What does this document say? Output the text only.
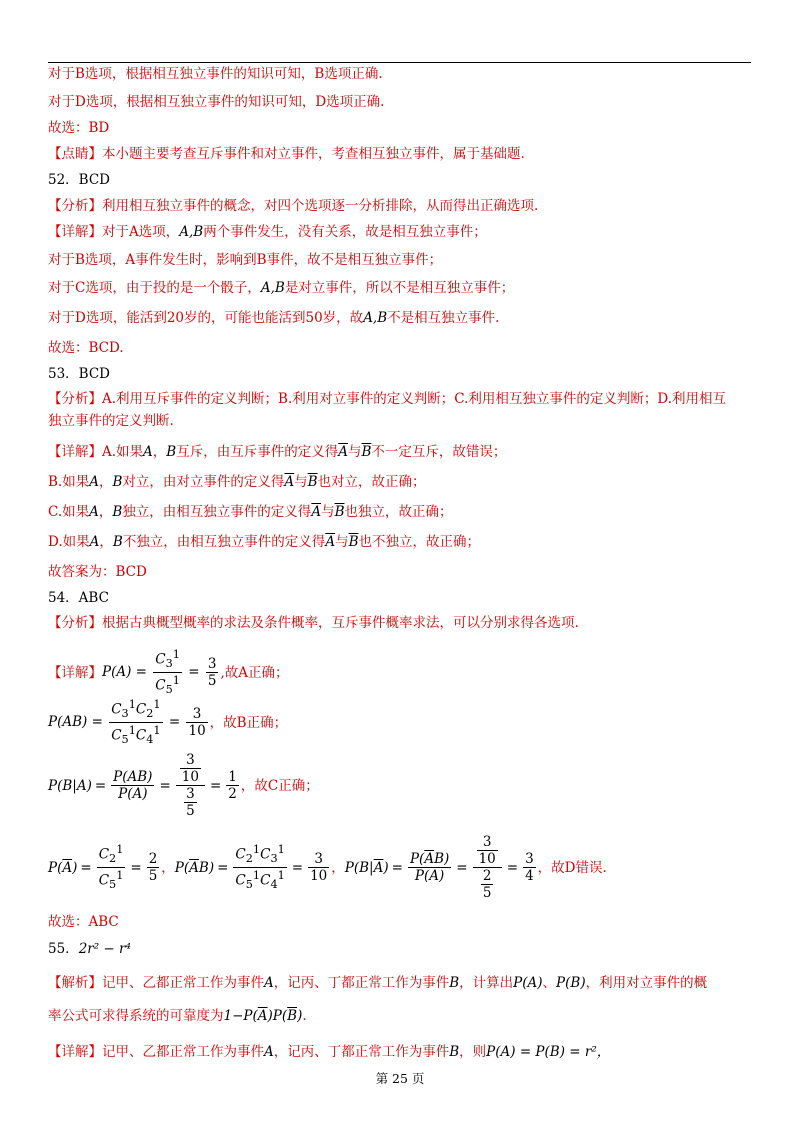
对于B选项，根据相互独立事件的知识可知，B选项正确.
对于D选项，根据相互独立事件的知识可知，D选项正确.
故选：BD
【点睛】本小题主要考查互斥事件和对立事件，考查相互独立事件，属于基础题.
52．BCD
【分析】利用相互独立事件的概念，对四个选项逐一分析排除，从而得出正确选项.
【详解】对于A选项，A,B两个事件发生，没有关系，故是相互独立事件；
对于B选项，A事件发生时，影响到B事件，故不是相互独立事件；
对于C选项，由于投的是一个骰子，A,B是对立事件，所以不是相互独立事件；
对于D选项，能活到20岁的，可能也能活到50岁，故A,B不是相互独立事件.
故选：BCD.
53．BCD
【分析】A.利用互斥事件的定义判断；B.利用对立事件的定义判断；C.利用相互独立事件的定义判断；D.利用相互
独立事件的定义判断.
【详解】A.如果A，B互斥，由互斥事件的定义得$\overline{A}$与$\overline{B}$不一定互斥，故错误；
B.如果A，B对立，由对立事件的定义得$\overline{A}$与$\overline{B}$也对立，故正确；
C.如果A，B独立，由相互独立事件的定义得$\overline{A}$与$\overline{B}$也独立，故正确；
D.如果A，B不独立，由相互独立事件的定义得$\overline{A}$与$\overline{B}$也不独立，故正确；
故答案为：BCD
54．ABC
【分析】根据古典概型概率的求法及条件概率，互斥事件概率求法，可以分别求得各选项.
【详解】 $P(A) = \frac{C_3^1}{C_5^1} = \frac{3}{5}$ ,故A正确；
$P(AB) = \frac{C_3^1C_2^1}{C_5^1C_4^1} = \frac{3}{10}$ ，故B正确；
$P(B|A) = \frac{P(AB)}{P(A)} = \frac{\frac{3}{10}}{\frac{3}{5}} = \frac{1}{2}$ ，故C正确；
$P(\overline{A}) = \frac{C_2^1}{C_5^1} = \frac{2}{5}$ ， $P(\overline{A}B) = \frac{C_2^1C_3^1}{C_5^1C_4^1} = \frac{3}{10}$ ， $P(B|\overline{A}) = \frac{P(\overline{A}B)}{P(\overline{A})} = \frac{\frac{3}{10}}{\frac{2}{5}} = \frac{3}{4}$ ，故D错误.
故选：ABC
55．2r² − r⁴
【解析】记甲、乙都正常工作为事件A，记丙、丁都正常工作为事件B，计算出P(A)、P(B)，利用对立事件的概
率公式可求得系统的可靠度为$1-P(\overline{A})P(\overline{B})$.
【详解】记甲、乙都正常工作为事件A，记丙、丁都正常工作为事件B，则P(A) = P(B) = r²，
第 25 页
